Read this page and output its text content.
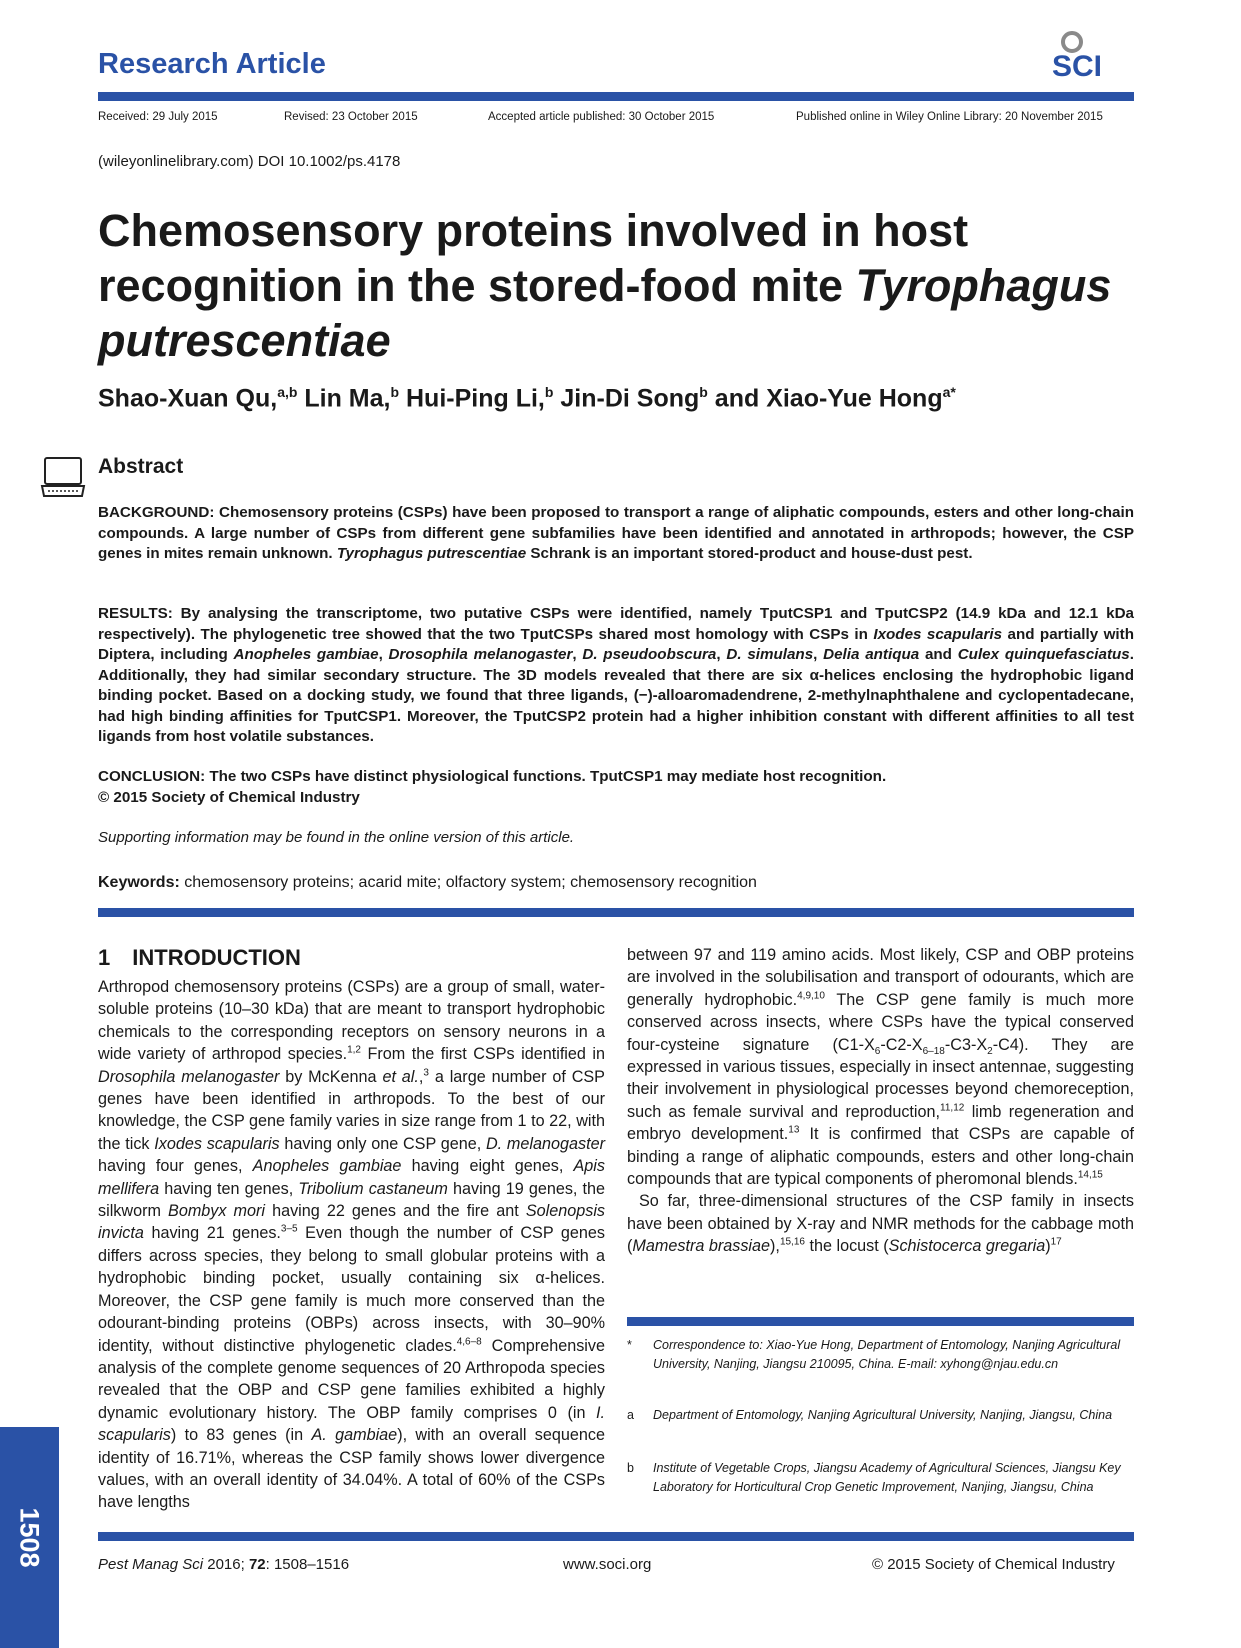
Research Article	SCI
Received: 29 July 2015	Revised: 23 October 2015	Accepted article published: 30 October 2015	Published online in Wiley Online Library: 20 November 2015
(wileyonlinelibrary.com) DOI 10.1002/ps.4178
Chemosensory proteins involved in host
recognition in the stored-food mite Tyrophagus
putrescentiae
Shao-Xuan Qu,$^{a,b}$ Lin Ma,$^b$ Hui-Ping Li,$^b$ Jin-Di Song$^b$ and Xiao-Yue Hong$^{a*}$
Abstract
BACKGROUND: Chemosensory proteins (CSPs) have been proposed to transport a range of aliphatic compounds, esters and other long-chain compounds. A large number of CSPs from different gene subfamilies have been identified and annotated in arthropods; however, the CSP genes in mites remain unknown. Tyrophagus putrescentiae Schrank is an important stored-product and house-dust pest.
RESULTS: By analysing the transcriptome, two putative CSPs were identified, namely TputCSP1 and TputCSP2 (14.9 kDa and 12.1 kDa respectively). The phylogenetic tree showed that the two TputCSPs shared most homology with CSPs in Ixodes scapularis and partially with Diptera, including Anopheles gambiae, Drosophila melanogaster, D. pseudoobscura, D. simulans, Delia antiqua and Culex quinquefasciatus. Additionally, they had similar secondary structure. The 3D models revealed that there are six α-helices enclosing the hydrophobic ligand binding pocket. Based on a docking study, we found that three ligands, (−)-alloaromadendrene, 2-methylnaphthalene and cyclopentadecane, had high binding affinities for TputCSP1. Moreover, the TputCSP2 protein had a higher inhibition constant with different affinities to all test ligands from host volatile substances.
CONCLUSION: The two CSPs have distinct physiological functions. TputCSP1 may mediate host recognition.
© 2015 Society of Chemical Industry
Supporting information may be found in the online version of this article.
Keywords: chemosensory proteins; acarid mite; olfactory system; chemosensory recognition
1 INTRODUCTION
Arthropod chemosensory proteins (CSPs) are a group of small, water-soluble proteins (10–30 kDa) that are meant to transport hydrophobic chemicals to the corresponding receptors on sensory neurons in a wide variety of arthropod species.$^{1,2}$ From the first CSPs identified in Drosophila melanogaster by McKenna et al.,$^3$ a large number of CSP genes have been identified in arthropods. To the best of our knowledge, the CSP gene family varies in size range from 1 to 22, with the tick Ixodes scapularis having only one CSP gene, D. melanogaster having four genes, Anopheles gambiae having eight genes, Apis mellifera having ten genes, Tribolium castaneum having 19 genes, the silkworm Bombyx mori having 22 genes and the fire ant Solenopsis invicta having 21 genes.$^{3-5}$ Even though the number of CSP genes differs across species, they belong to small globular proteins with a hydrophobic binding pocket, usually containing six α-helices. Moreover, the CSP gene family is much more conserved than the odourant-binding proteins (OBPs) across insects, with 30–90% identity, without distinctive phylogenetic clades.$^{4,6-8}$ Comprehensive analysis of the complete genome sequences of 20 Arthropoda species revealed that the OBP and CSP gene families exhibited a highly dynamic evolutionary history. The OBP family comprises 0 (in I. scapularis) to 83 genes (in A. gambiae), with an overall sequence identity of 16.71%, whereas the CSP family shows lower divergence values, with an overall identity of 34.04%. A total of 60% of the CSPs have lengths
between 97 and 119 amino acids. Most likely, CSP and OBP proteins are involved in the solubilisation and transport of odourants, which are generally hydrophobic.$^{4,9,10}$ The CSP gene family is much more conserved across insects, where CSPs have the typical conserved four-cysteine signature $(C1-X_6-C2-X_{6-18}-C3-X_2-C4)$. They are expressed in various tissues, especially in insect antennae, suggesting their involvement in physiological processes beyond chemoreception, such as female survival and reproduction,$^{11,12}$ limb regeneration and embryo development.$^{13}$ It is confirmed that CSPs are capable of binding a range of aliphatic compounds, esters and other long-chain compounds that are typical components of pheromonal blends.$^{14,15}$
So far, three-dimensional structures of the CSP family in insects have been obtained by X-ray and NMR methods for the cabbage moth (Mamestra brassiae),$^{15,16}$ the locust (Schistocerca gregaria)$^{17}$
* Correspondence to: Xiao-Yue Hong, Department of Entomology, Nanjing Agricultural University, Nanjing, Jiangsu 210095, China. E-mail: xyhong@njau.edu.cn
a Department of Entomology, Nanjing Agricultural University, Nanjing, Jiangsu, China
b Institute of Vegetable Crops, Jiangsu Academy of Agricultural Sciences, Jiangsu Key Laboratory for Horticultural Crop Genetic Improvement, Nanjing, Jiangsu, China
1508	Pest Manag Sci 2016; 72: 1508–1516	www.soci.org	© 2015 Society of Chemical Industry
